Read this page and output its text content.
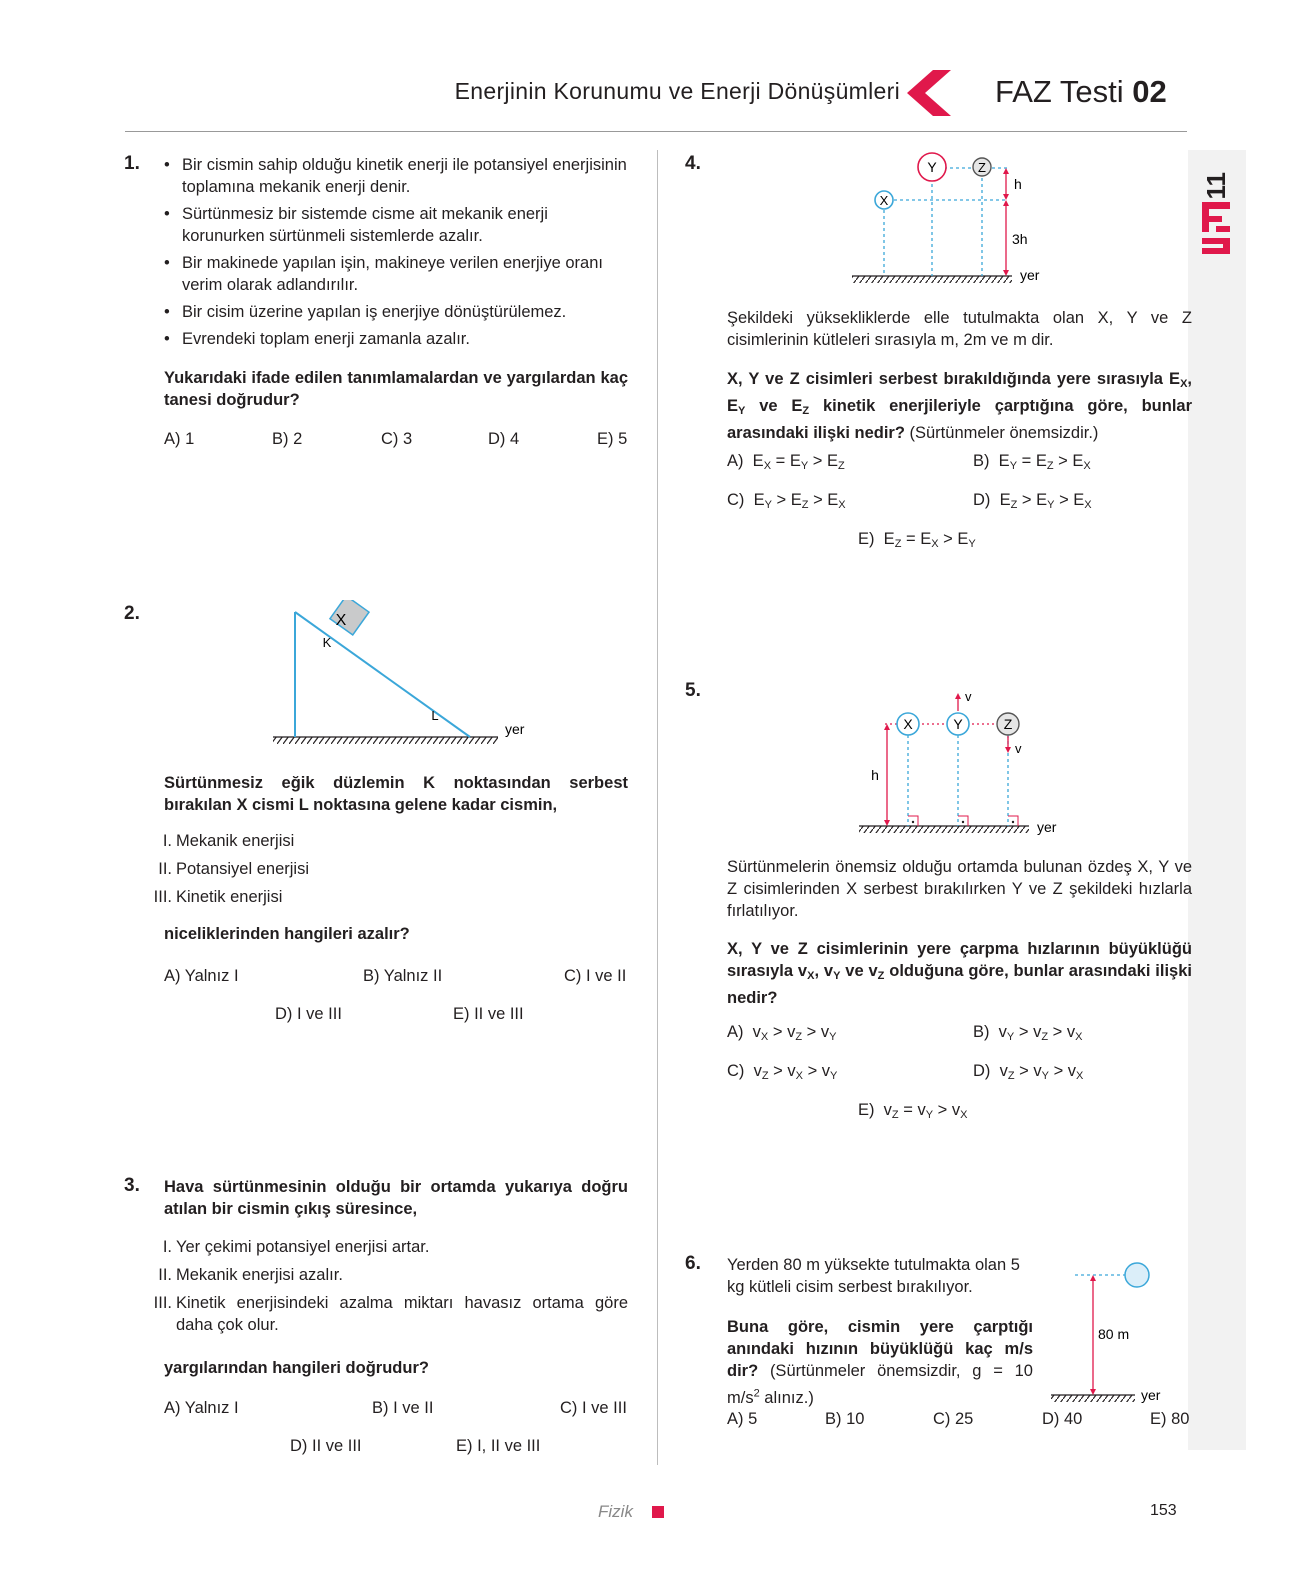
Enerjinin Korunumu ve Enerji Dönüşümleri	FAZ Testi 02
11
1.
•	Bir cismin sahip olduğu kinetik enerji ile potansiyel enerjisinin toplamına mekanik enerji denir.
• Sürtünmesiz bir sistemde cisme ait mekanik enerji korunurken sürtünmeli sistemlerde azalır.
• Bir makinede yapılan işin, makineye verilen enerjiye oranı verim olarak adlandırılır.
• Bir cisim üzerine yapılan iş enerjiye dönüştürülemez.
• Evrendeki toplam enerji zamanla azalır.
Yukarıdaki ifade edilen tanımlamalardan ve yargılardan kaç tanesi doğrudur?
A) 1	B) 2	C) 3	D) 4	E) 5
2.	X
K
L
yer
Sürtünmesiz eğik düzlemin K noktasından serbest bırakılan X cismi L noktasına gelene kadar cismin,
I. Mekanik enerjisi
II. Potansiyel enerjisi
III. Kinetik enerjisi
niceliklerinden hangileri azalır?
A) Yalnız I	B) Yalnız II	C) I ve II
D) I ve III	E) II ve III
3. Hava sürtünmesinin olduğu bir ortamda yukarıya doğru atılan bir cismin çıkış süresince,
I. Yer çekimi potansiyel enerjisi artar.
II. Mekanik enerjisi azalır.
III. Kinetik enerjisindeki azalma miktarı havasız ortama göre daha çok olur.
yargılarından hangileri doğrudur?
A) Yalnız I	B) I ve II	C) I ve III
D) II ve III	E) I, II ve III
4.
X
Y	Z
h
3h
yer
Şekildeki yüksekliklerde elle tutulmakta olan X, Y ve Z cisimlerinin kütleleri sırasıyla m, 2m ve m dir.
X, Y ve Z cisimleri serbest bırakıldığında yere sırasıyla $E_X$, $E_Y$ ve $E_Z$ kinetik enerjileriyle çarptığına göre, bunlar arasındaki ilişki nedir? (Sürtünmeler önemsizdir.)
A)  $E_X = E_Y > E_Z$	B)  $E_Y = E_Z > E_X$
C)  $E_Y > E_Z > E_X$	D)  $E_Z > E_Y > E_X$
E)  $E_Z = E_X > E_Y$
5.
h
X	Y	Z
v
v
yer
Sürtünmelerin önemsiz olduğu ortamda bulunan özdeş X, Y ve Z cisimlerinden X serbest bırakılırken Y ve Z şekildeki hızlarla fırlatılıyor.
X, Y ve Z cisimlerinin yere çarpma hızlarının büyüklüğü sırasıyla $v_X$, $v_Y$ ve $v_Z$ olduğuna göre, bunlar arasındaki ilişki nedir?
A)  $v_X > v_Z > v_Y$	B)  $v_Y > v_Z > v_X$
C)  $v_Z > v_X > v_Y$	D)  $v_Z > v_Y > v_X$
E)  $v_Z = v_Y > v_X$
6. Yerden 80 m yüksekte tutulmakta olan 5 kg kütleli cisim serbest bırakılıyor.
Buna göre, cismin yere çarptığı anındaki hızının büyüklüğü kaç m/s dir? (Sürtünmeler önemsizdir, g = 10 $m/s^2$ alınız.)
80 m
yer
A) 5	B) 10	C) 25	D) 40	E) 80
Fizik	153
